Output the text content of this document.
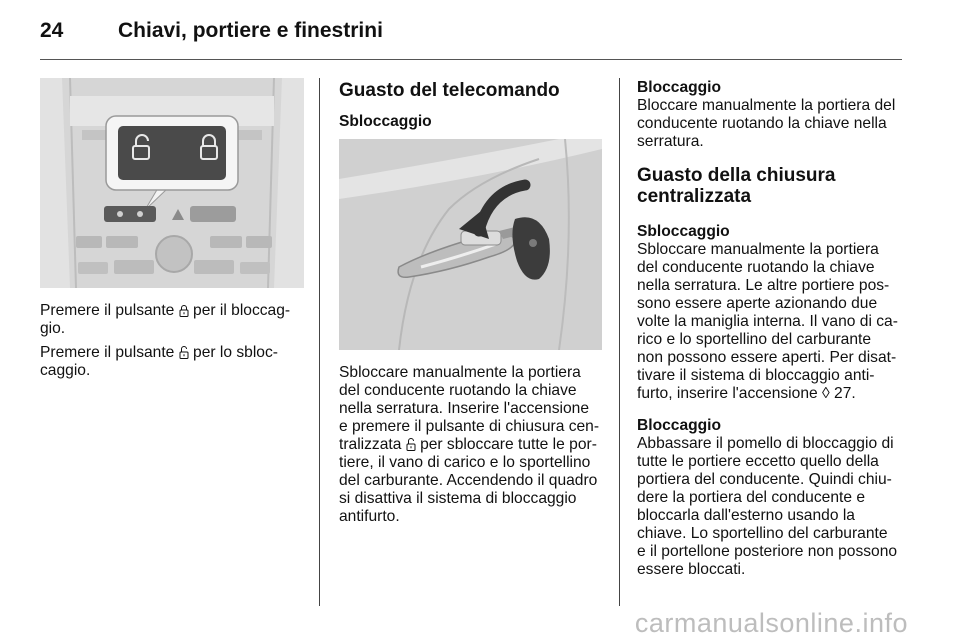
24	Chiavi, portiere e finestrini

Premere il pulsante
per il bloccag-
gio.

Premere il pulsante
per lo sbloc-
caggio.

Guasto del telecomando
Sbloccaggio

Sbloccare manualmente la portiera
del conducente ruotando la chiave
nella serratura. Inserire l'accensione
e premere il pulsante di chiusura cen-
tralizzata
per sbloccare tutte le por-
tiere, il vano di carico e lo sportellino
del carburante. Accendendo il quadro
si disattiva il sistema di bloccaggio
antifurto.

Bloccaggio

Bloccare manualmente la portiera del
conducente ruotando la chiave nella
serratura.

Guasto della chiusura
centralizzata
Sbloccaggio

Sbloccare manualmente la portiera
del conducente ruotando la chiave
nella serratura. Le altre portiere pos-
sono essere aperte azionando due
volte la maniglia interna. Il vano di ca-
rico e lo sportellino del carburante
non possono essere aperti. Per disat-
tivare il sistema di bloccaggio anti-
furto, inserire l'accensione ◊ 27.

Bloccaggio

Abbassare il pomello di bloccaggio di
tutte le portiere eccetto quello della
portiera del conducente. Quindi chiu-
dere la portiera del conducente e
bloccarla dall'esterno usando la
chiave. Lo sportellino del carburante
e il portellone posteriore non possono
essere bloccati.

carmanualsonline.info
